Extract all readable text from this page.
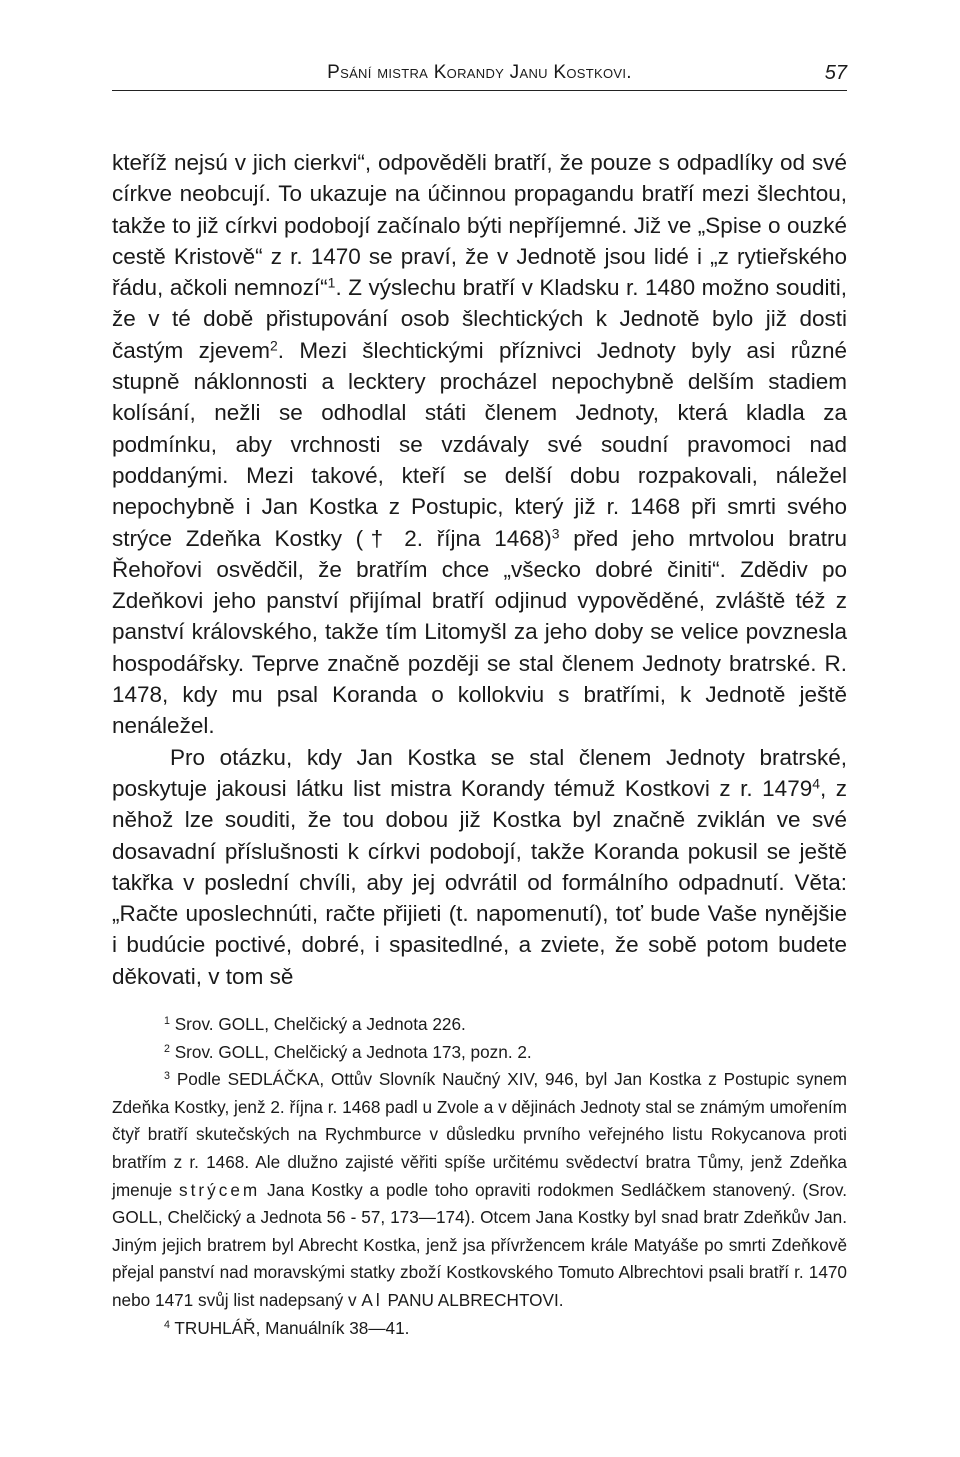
Psání mistra Korandy Janu Kostkovi.	57

kteříž nejsú v jich cierkvi“, odpověděli bratří, že pouze s odpadlíky od své církve neobcují. To ukazuje na účinnou propagandu bratří mezi šlechtou, takže to již církvi podobojí začínalo býti nepříjemné. Již ve „Spise o ouzké cestě Kristově“ z r. 1470 se praví, že v Jednotě jsou lidé i „z rytieřského řádu, ačkoli nemnozí“$^1$. Z výslechu bratří v Kladsku r. 1480 možno souditi, že v té době přistupování osob šlechtických k Jednotě bylo již dosti častým zjevem$^2$. Mezi šlechtickými příznivci Jednoty byly asi různé stupně náklonnosti a lecktery procházel nepochybně delším stadiem kolísání, nežli se odhodlal státi členem Jednoty, která kladla za podmínku, aby vrchnosti se vzdávaly své soudní pravomoci nad poddanými. Mezi takové, kteří se delší dobu rozpakovali, náležel nepochybně i Jan Kostka z Postupic, který již r. 1468 při smrti svého strýce Zdeňka Kostky († 2. října 1468)$^3$ před jeho mrtvolou bratru Řehořovi osvědčil, že bratřím chce „všecko dobré činiti“. Zdědiv po Zdeňkovi jeho panství přijímal bratří odjinud vypověděné, zvláště též z panství královského, takže tím Litomyšl za jeho doby se velice povznesla hospodářsky. Teprve značně později se stal členem Jednoty bratrské. R. 1478, kdy mu psal Koranda o kollokviu s bratřími, k Jednotě ještě nenáležel.

Pro otázku, kdy Jan Kostka se stal členem Jednoty bratrské, poskytuje jakousi látku list mistra Korandy témuž Kostkovi z r. 1479$^4$, z něhož lze souditi, že tou dobou již Kostka byl značně zviklán ve své dosavadní příslušnosti k církvi podobojí, takže Koranda pokusil se ještě takřka v poslední chvíli, aby jej odvrátil od formálního odpadnutí. Věta: „Račte uposlechnúti, račte přijieti (t. napomenutí), toť bude Vaše nynějšie i budúcie poctivé, dobré, i spasitedlné, a zviete, že sobě potom budete děkovati, v tom sě

$^1$ Srov. GOLL, Chelčický a Jednota 226.

$^2$ Srov. GOLL, Chelčický a Jednota 173, pozn. 2.

$^3$ Podle SEDLÁČKA, Ottův Slovník Naučný XIV, 946, byl Jan Kostka z Postupic synem Zdeňka Kostky, jenž 2. října r. 1468 padl u Zvole a v dějinách Jednoty stal se známým umořením čtyř bratří skutečských na Rychmburce v důsledku prvního veřejného listu Rokycanova proti bratřím z r. 1468. Ale dlužno zajisté věřiti spíše určitému svědectví bratra Tůmy, jenž Zdeňka jmenuje strýcem Jana Kostky a podle toho opraviti rodokmen Sedláčkem stanovený. (Srov. GOLL, Chelčický a Jednota 56 - 57, 173—174). Otcem Jana Kostky byl snad bratr Zdeňkův Jan. Jiným jejich bratrem byl Abrecht Kostka, jenž jsa přívržencem krále Matyáše po smrti Zdeňkově přejal panství nad moravskými statky zboží Kostkovského Tomuto Albrechtovi psali bratří r. 1470 nebo 1471 svůj list nadepsaný v Al PANU ALBRECHTOVI.

$^4$ TRUHLÁŘ, Manuálník 38—41.
